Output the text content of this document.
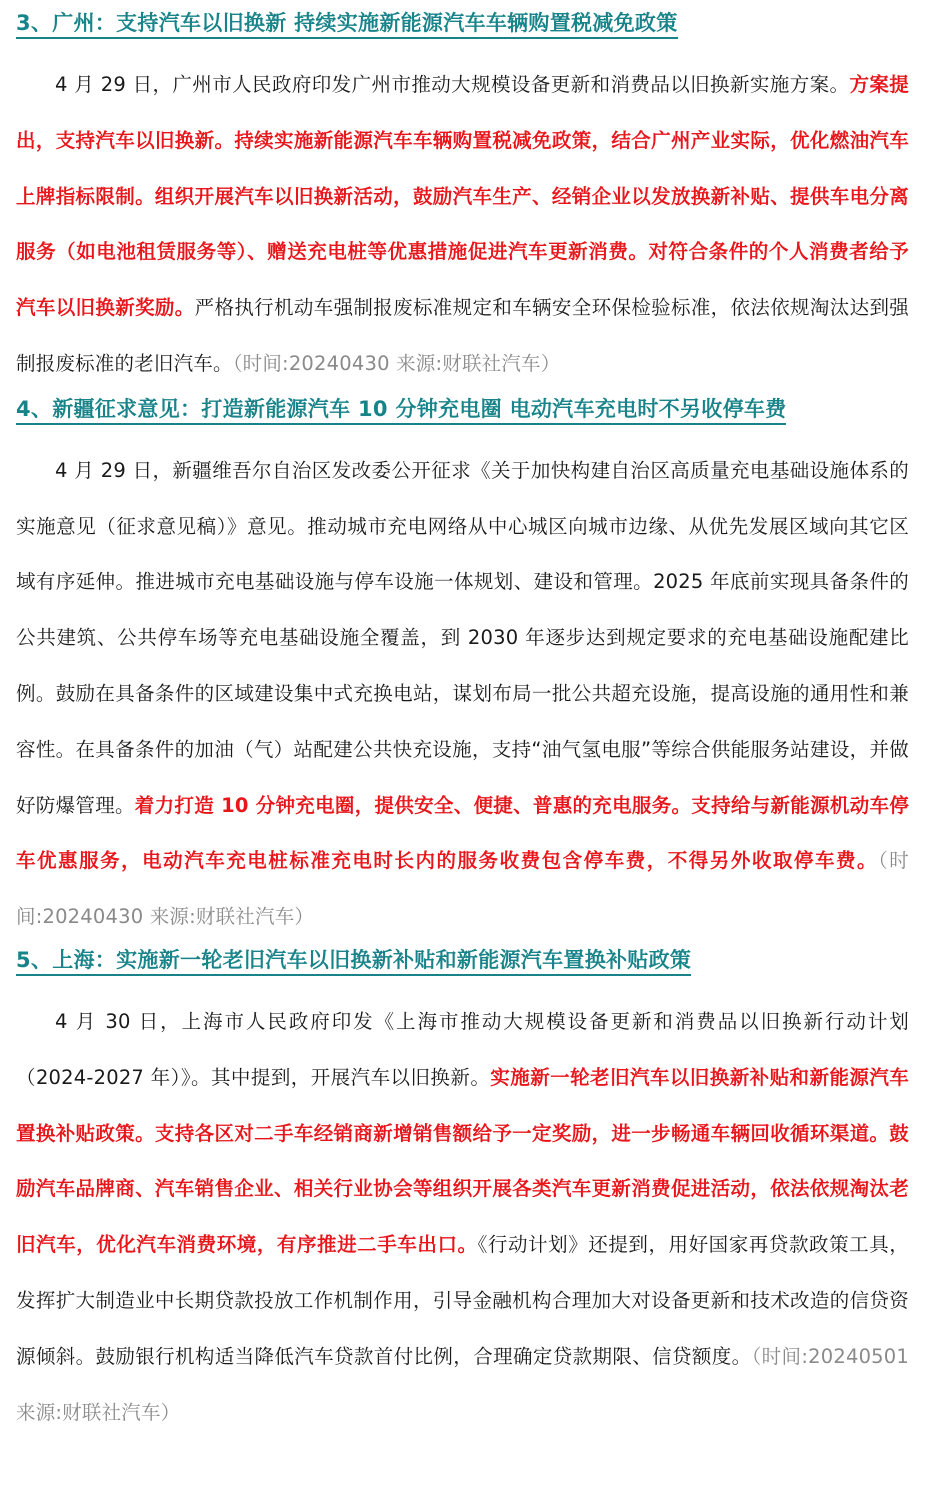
3、广州：支持汽车以旧换新 持续实施新能源汽车车辆购置税减免政策

4 月 29 日，广州市人民政府印发广州市推动大规模设备更新和消费品以旧换新实施方案。方案提出，支持汽车以旧换新。持续实施新能源汽车车辆购置税减免政策，结合广州产业实际，优化燃油汽车上牌指标限制。组织开展汽车以旧换新活动，鼓励汽车生产、经销企业以发放换新补贴、提供车电分离服务（如电池租赁服务等）、赠送充电桩等优惠措施促进汽车更新消费。对符合条件的个人消费者给予汽车以旧换新奖励。严格执行机动车强制报废标准规定和车辆安全环保检验标准，依法依规淘汰达到强制报废标准的老旧汽车。（时间:20240430 来源:财联社汽车）

4、新疆征求意见：打造新能源汽车 10 分钟充电圈 电动汽车充电时不另收停车费

4 月 29 日，新疆维吾尔自治区发改委公开征求《关于加快构建自治区高质量充电基础设施体系的实施意见（征求意见稿）》意见。推动城市充电网络从中心城区向城市边缘、从优先发展区域向其它区域有序延伸。推进城市充电基础设施与停车设施一体规划、建设和管理。2025 年底前实现具备条件的公共建筑、公共停车场等充电基础设施全覆盖，到 2030 年逐步达到规定要求的充电基础设施配建比例。鼓励在具备条件的区域建设集中式充换电站，谋划布局一批公共超充设施，提高设施的通用性和兼容性。在具备条件的加油（气）站配建公共快充设施，支持“油气氢电服”等综合供能服务站建设，并做好防爆管理。着力打造 10 分钟充电圈，提供安全、便捷、普惠的充电服务。支持给与新能源机动车停车优惠服务，电动汽车充电桩标准充电时长内的服务收费包含停车费，不得另外收取停车费。（时间:20240430 来源:财联社汽车）

5、上海：实施新一轮老旧汽车以旧换新补贴和新能源汽车置换补贴政策

4 月 30 日，上海市人民政府印发《上海市推动大规模设备更新和消费品以旧换新行动计划（2024-2027 年）》。其中提到，开展汽车以旧换新。实施新一轮老旧汽车以旧换新补贴和新能源汽车置换补贴政策。支持各区对二手车经销商新增销售额给予一定奖励，进一步畅通车辆回收循环渠道。鼓励汽车品牌商、汽车销售企业、相关行业协会等组织开展各类汽车更新消费促进活动，依法依规淘汰老旧汽车，优化汽车消费环境，有序推进二手车出口。《行动计划》还提到，用好国家再贷款政策工具，发挥扩大制造业中长期贷款投放工作机制作用，引导金融机构合理加大对设备更新和技术改造的信贷资源倾斜。鼓励银行机构适当降低汽车贷款首付比例，合理确定贷款期限、信贷额度。（时间:20240501 来源:财联社汽车）
